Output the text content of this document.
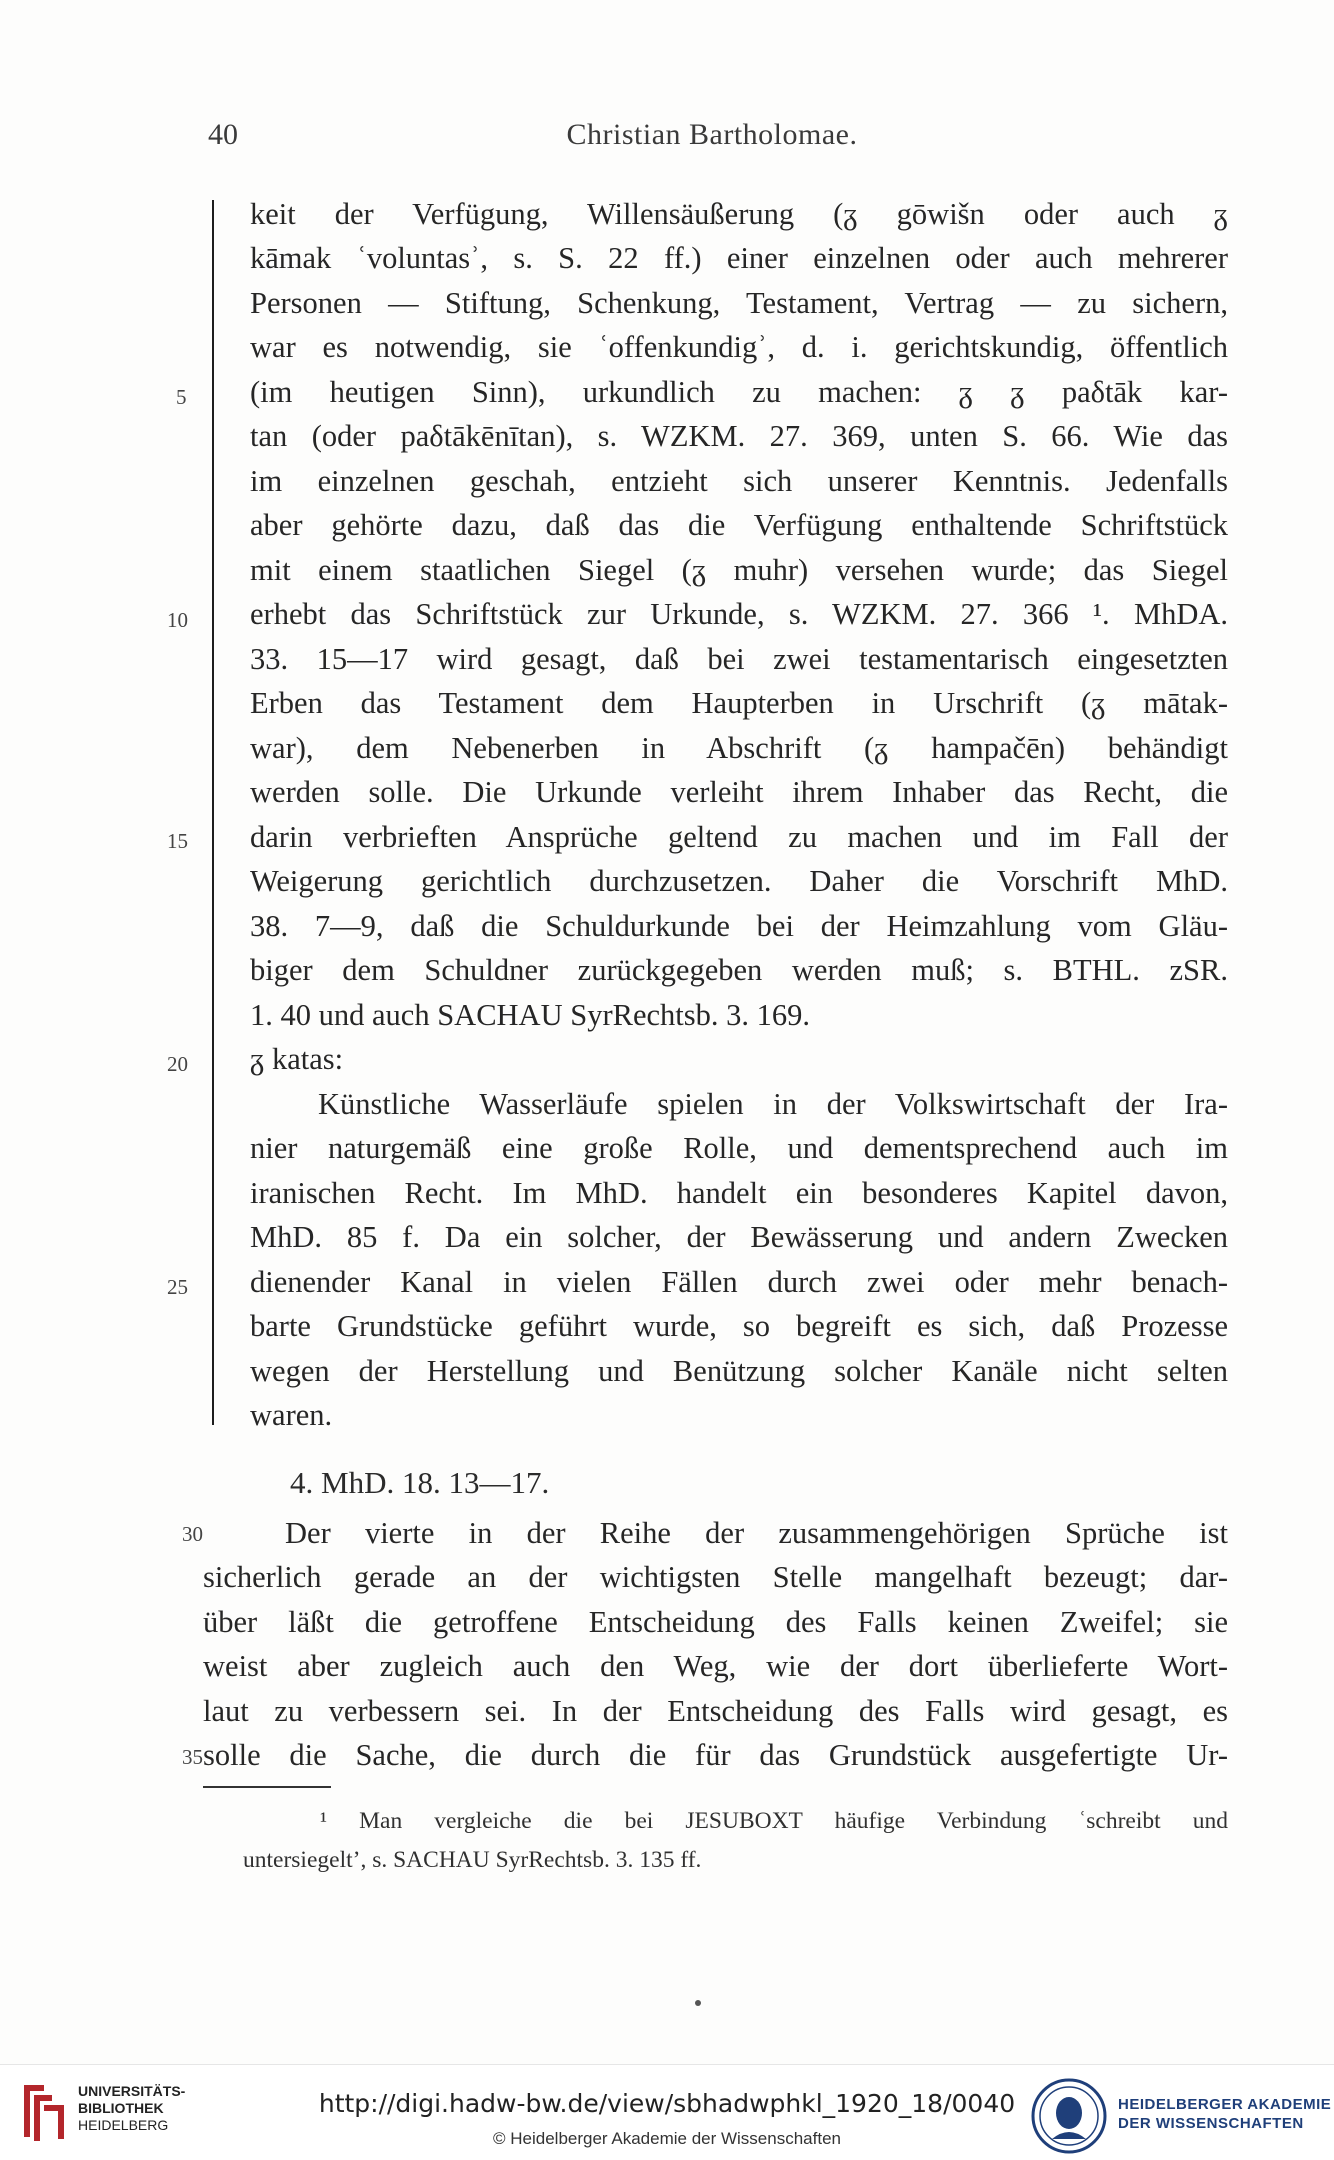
40	Christian Bartholomae.
5
10
15
20
25
30
35
keit der Verfügung, Willensäußerung (ᵹ gōwišn oder auch ᵹ
kāmak ʿvoluntasʾ, s. S. 22 ff.) einer einzelnen oder auch mehrerer
Personen — Stiftung, Schenkung, Testament, Vertrag — zu sichern,
war es notwendig, sie ʿoffenkundigʾ, d. i. gerichtskundig, öffentlich
(im heutigen Sinn), urkundlich zu machen: ᵹ ᵹ paδtāk kar-
tan (oder paδtākēnītan), s. WZKM. 27. 369, unten S. 66. Wie das
im einzelnen geschah, entzieht sich unserer Kenntnis. Jedenfalls
aber gehörte dazu, daß das die Verfügung enthaltende Schriftstück
mit einem staatlichen Siegel (ᵹ muhr) versehen wurde; das Siegel
erhebt das Schriftstück zur Urkunde, s. WZKM. 27. 366 ¹. MhDA.
33. 15—17 wird gesagt, daß bei zwei testamentarisch eingesetzten
Erben das Testament dem Haupterben in Urschrift (ᵹ mātak-
war), dem Nebenerben in Abschrift (ᵹ hampačēn) behändigt
werden solle. Die Urkunde verleiht ihrem Inhaber das Recht, die
darin verbrieften Ansprüche geltend zu machen und im Fall der
Weigerung gerichtlich durchzusetzen. Daher die Vorschrift MhD.
38. 7—9, daß die Schuldurkunde bei der Heimzahlung vom Gläu-
biger dem Schuldner zurückgegeben werden muß; s. BTHL. zSR.
1. 40 und auch SACHAU SyrRechtsb. 3. 169.
ᵹ katas:
Künstliche Wasserläufe spielen in der Volkswirtschaft der Ira-
nier naturgemäß eine große Rolle, und dementsprechend auch im
iranischen Recht. Im MhD. handelt ein besonderes Kapitel davon,
MhD. 85 f. Da ein solcher, der Bewässerung und andern Zwecken
dienender Kanal in vielen Fällen durch zwei oder mehr benach-
barte Grundstücke geführt wurde, so begreift es sich, daß Prozesse
wegen der Herstellung und Benützung solcher Kanäle nicht selten
waren.
4. MhD. 18. 13—17.
Der vierte in der Reihe der zusammengehörigen Sprüche ist
sicherlich gerade an der wichtigsten Stelle mangelhaft bezeugt; dar-
über läßt die getroffene Entscheidung des Falls keinen Zweifel; sie
weist aber zugleich auch den Weg, wie der dort überlieferte Wort-
laut zu verbessern sei. In der Entscheidung des Falls wird gesagt, es
solle die Sache, die durch die für das Grundstück ausgefertigte Ur-
¹ Man vergleiche die bei JESUBOXT häufige Verbindung ʿschreibt und
untersiegelt’, s. SACHAU SyrRechtsb. 3. 135 ff.
UNIVERSITÄTS-
BIBLIOTHEK
HEIDELBERG
http://digi.hadw-bw.de/view/sbhadwphkl_1920_18/0040
© Heidelberger Akademie der Wissenschaften
HEIDELBERGER AKADEMIE
DER WISSENSCHAFTEN
